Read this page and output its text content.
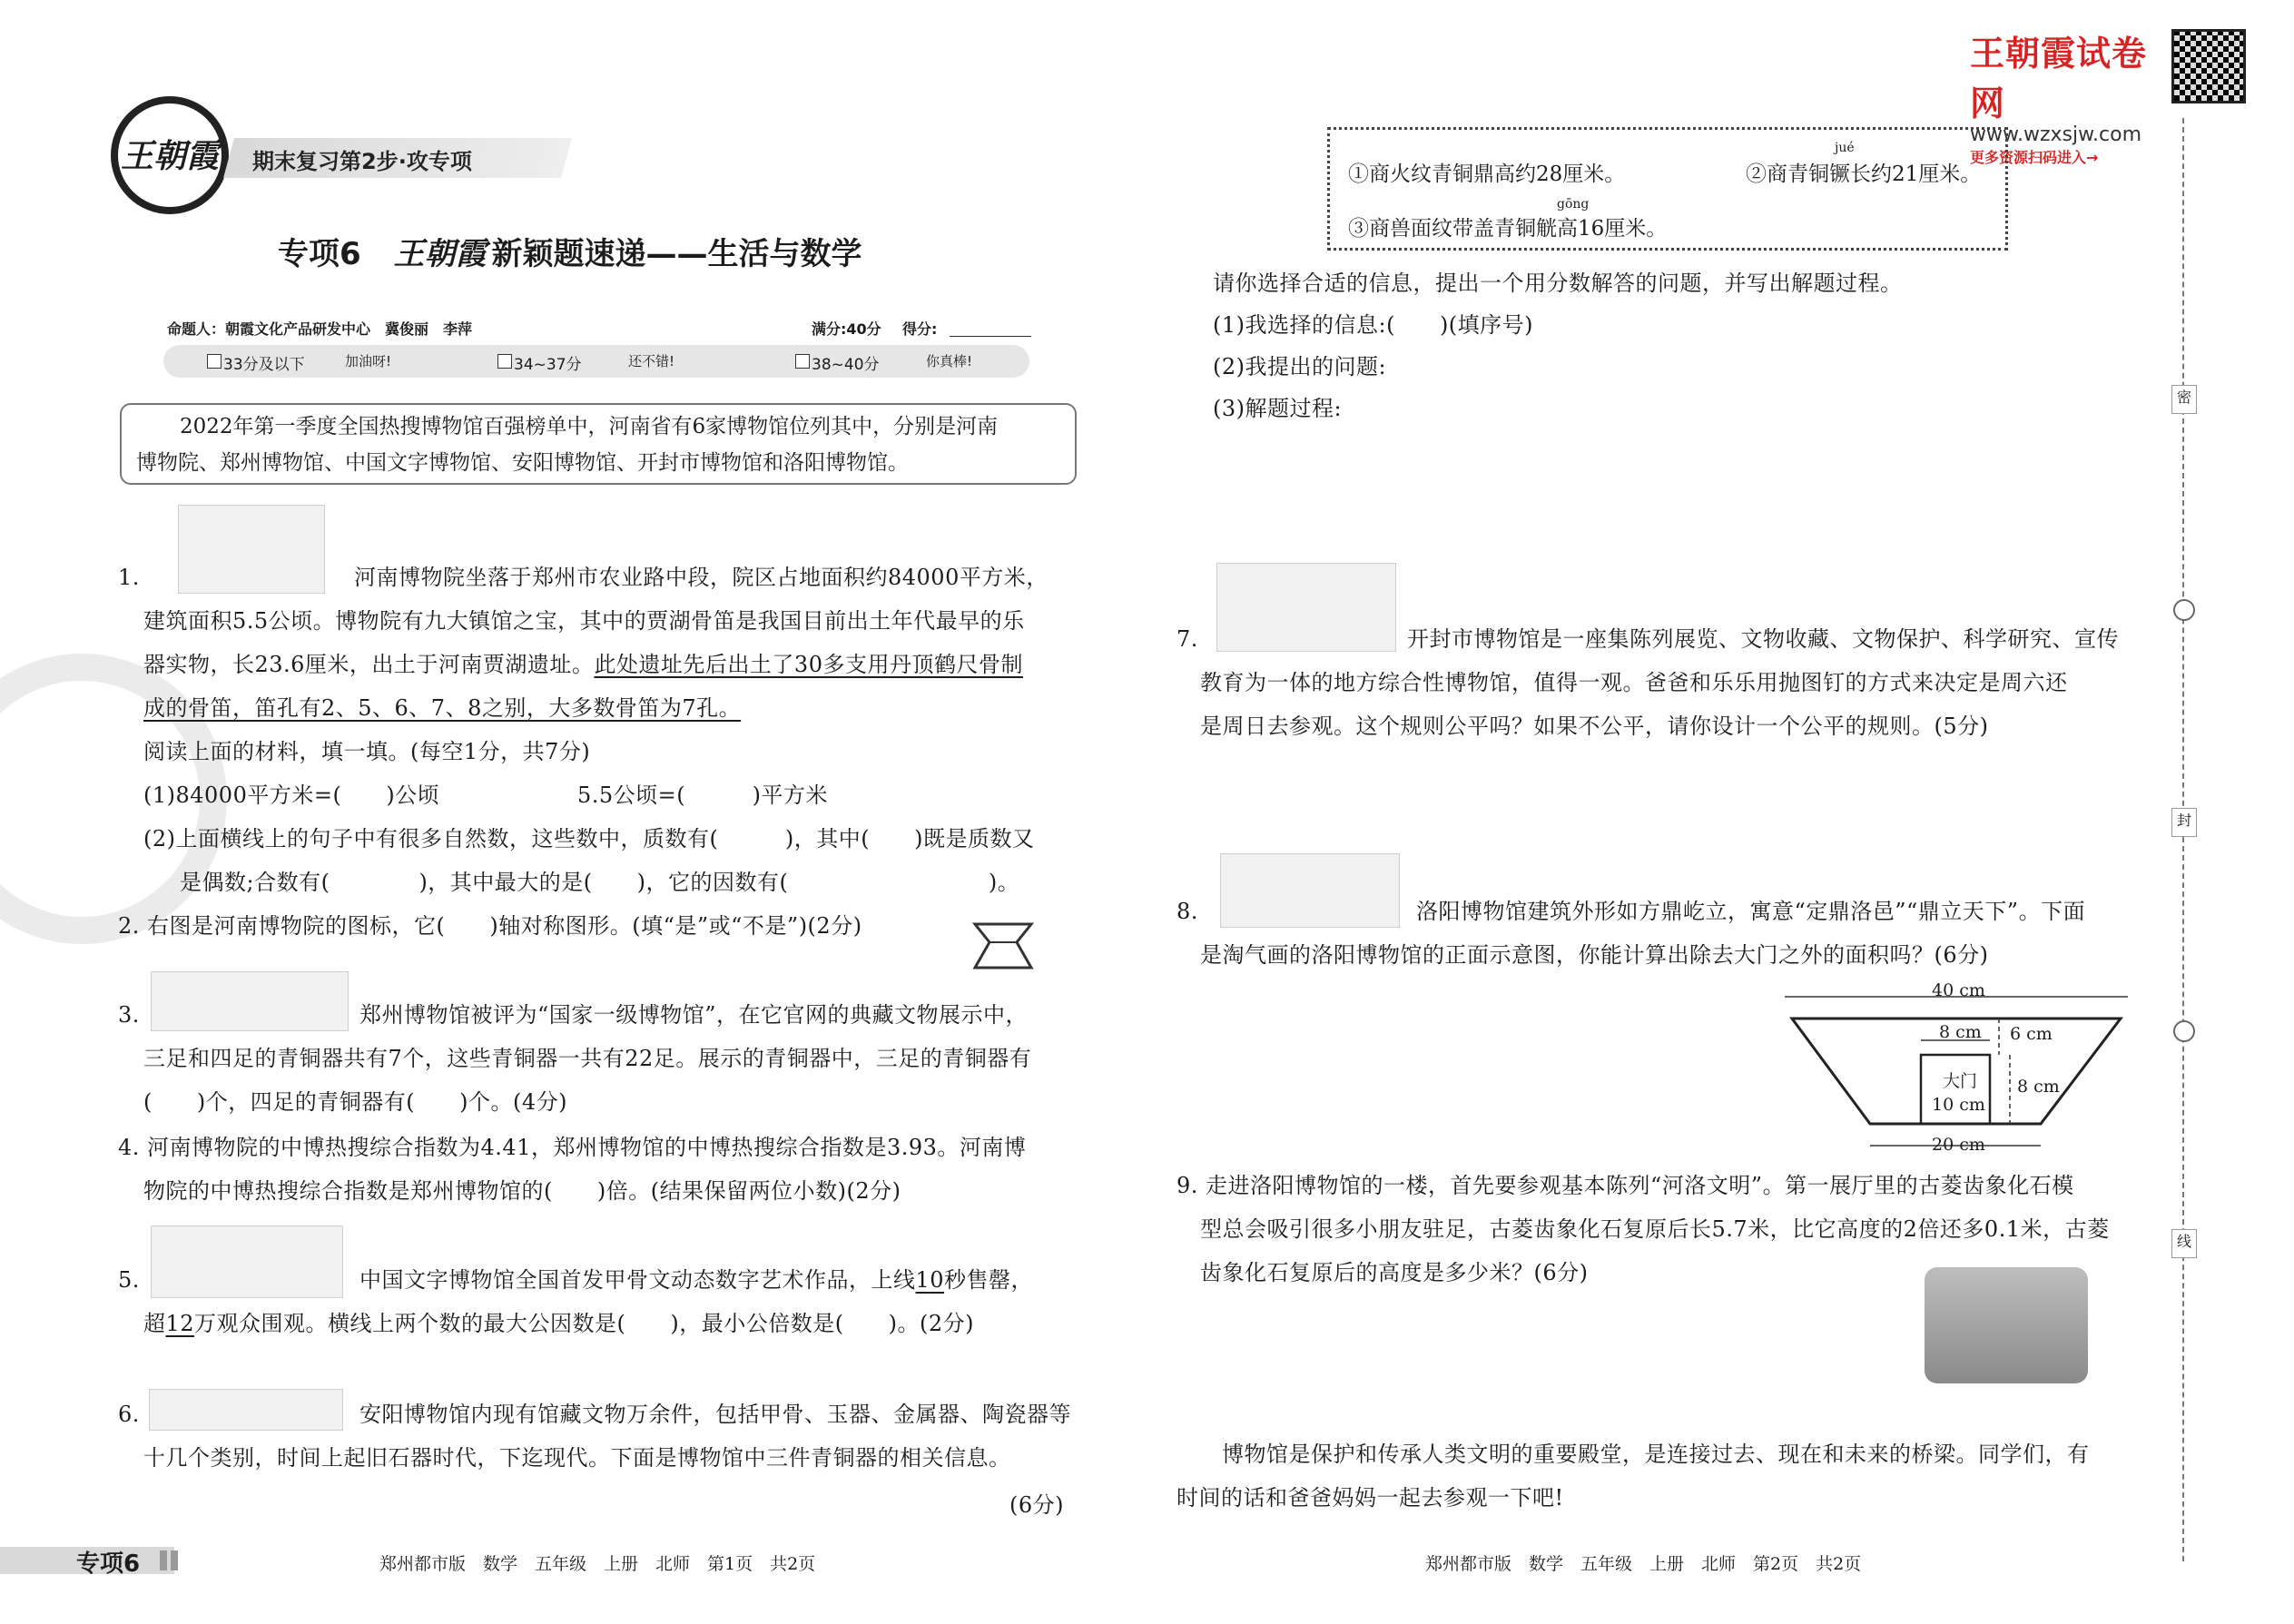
王朝霞试卷网
www.wzxsjw.com
更多资源扫码进入→
王朝霞 期末复习第2步·攻专项
专项6 王朝霞 新颖题速递——生活与数学
命题人：朝霞文化产品研发中心　冀俊丽　李萍	满分:40分 得分:
33分及以下	加油呀!	34~37分	还不错!	38~40分	你真棒!
2022年第一季度全国热搜博物馆百强榜单中，河南省有6家博物馆位列其中，分别是河南
博物院、郑州博物馆、中国文字博物馆、安阳博物馆、开封市博物馆和洛阳博物馆。
1.	河南博物院坐落于郑州市农业路中段，院区占地面积约84000平方米，
建筑面积5.5公顷。博物院有九大镇馆之宝，其中的贾湖骨笛是我国目前出土年代最早的乐
器实物，长23.6厘米，出土于河南贾湖遗址。此处遗址先后出土了30多支用丹顶鹤尺骨制
成的骨笛，笛孔有2、5、6、7、8之别，大多数骨笛为7孔。
阅读上面的材料，填一填。(每空1分，共7分)
(1)84000平方米=(　　)公顷	5.5公顷=(　　　)平方米
(2)上面横线上的句子中有很多自然数，这些数中，质数有(　　　)，其中(　　)既是质数又
是偶数;合数有(　　　　)，其中最大的是(　　)，它的因数有(　　　　　　　　　)。
2. 右图是河南博物院的图标，它(　　)轴对称图形。(填“是”或“不是”)(2分)
3.	郑州博物馆被评为“国家一级博物馆”，在它官网的典藏文物展示中，
三足和四足的青铜器共有7个，这些青铜器一共有22足。展示的青铜器中，三足的青铜器有
(　　)个，四足的青铜器有(　　)个。(4分)
4. 河南博物院的中博热搜综合指数为4.41，郑州博物馆的中博热搜综合指数是3.93。河南博
物院的中博热搜综合指数是郑州博物馆的(　　)倍。(结果保留两位小数)(2分)
5.	中国文字博物馆全国首发甲骨文动态数字艺术作品，上线10秒售罄，
超12万观众围观。横线上两个数的最大公因数是(　　)，最小公倍数是(　　)。(2分)
6.	安阳博物馆内现有馆藏文物万余件，包括甲骨、玉器、金属器、陶瓷器等
十几个类别，时间上起旧石器时代，下迄现代。下面是博物馆中三件青铜器的相关信息。
(6分)
专项6	郑州都市版　数学　五年级　上册　北师　第1页　共2页
①商火纹青铜鼎高约28厘米。
jué
②商青铜镢长约21厘米。
gōng
③商兽面纹带盖青铜觥高16厘米。
请你选择合适的信息，提出一个用分数解答的问题，并写出解题过程。
(1)我选择的信息:(　　)(填序号)
(2)我提出的问题:
(3)解题过程:
7.	开封市博物馆是一座集陈列展览、文物收藏、文物保护、科学研究、宣传
教育为一体的地方综合性博物馆，值得一观。爸爸和乐乐用抛图钉的方式来决定是周六还
是周日去参观。这个规则公平吗？如果不公平，请你设计一个公平的规则。(5分)
8.	洛阳博物馆建筑外形如方鼎屹立，寓意“定鼎洛邑”“鼎立天下”。下面
是淘气画的洛阳博物馆的正面示意图，你能计算出除去大门之外的面积吗？(6分)
40 cm
8 cm 6 cm
大门
10 cm
8 cm
20 cm
9. 走进洛阳博物馆的一楼，首先要参观基本陈列“河洛文明”。第一展厅里的古菱齿象化石模
型总会吸引很多小朋友驻足，古菱齿象化石复原后长5.7米，比它高度的2倍还多0.1米，古菱
齿象化石复原后的高度是多少米？(6分)
博物馆是保护和传承人类文明的重要殿堂，是连接过去、现在和未来的桥梁。同学们，有
时间的话和爸爸妈妈一起去参观一下吧!
郑州都市版　数学　五年级　上册　北师　第2页　共2页
密
封
线
